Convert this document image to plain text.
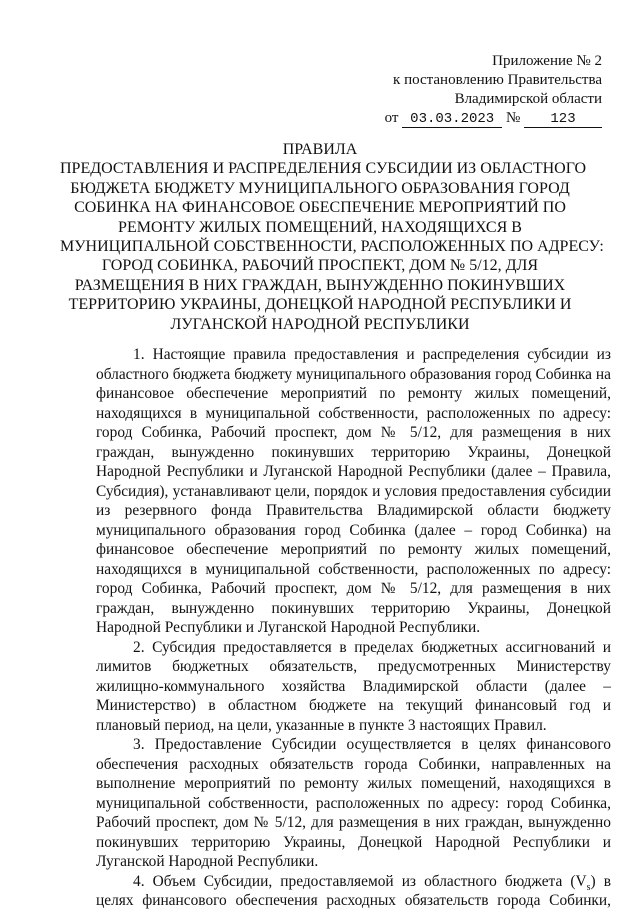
Приложение № 2
к постановлению Правительства
Владимирской области
от 03.03.2023 № 123
ПРАВИЛА
ПРЕДОСТАВЛЕНИЯ И РАСПРЕДЕЛЕНИЯ СУБСИДИИ ИЗ ОБЛАСТНОГО
БЮДЖЕТА БЮДЖЕТУ МУНИЦИПАЛЬНОГО ОБРАЗОВАНИЯ ГОРОД
СОБИНКА НА ФИНАНСОВОЕ ОБЕСПЕЧЕНИЕ МЕРОПРИЯТИЙ ПО
РЕМОНТУ ЖИЛЫХ ПОМЕЩЕНИЙ, НАХОДЯЩИХСЯ В
МУНИЦИПАЛЬНОЙ СОБСТВЕННОСТИ, РАСПОЛОЖЕННЫХ ПО АДРЕСУ:
ГОРОД СОБИНКА, РАБОЧИЙ ПРОСПЕКТ, ДОМ № 5/12, ДЛЯ
РАЗМЕЩЕНИЯ В НИХ ГРАЖДАН, ВЫНУЖДЕННО ПОКИНУВШИХ
ТЕРРИТОРИЮ УКРАИНЫ, ДОНЕЦКОЙ НАРОДНОЙ РЕСПУБЛИКИ И
ЛУГАНСКОЙ НАРОДНОЙ РЕСПУБЛИКИ

1. Настоящие правила предоставления и распределения субсидии из областного бюджета бюджету муниципального образования город Собинка на финансовое обеспечение мероприятий по ремонту жилых помещений, находящихся в муниципальной собственности, расположенных по адресу: город Собинка, Рабочий проспект, дом № 5/12, для размещения в них граждан, вынужденно покинувших территорию Украины, Донецкой Народной Республики и Луганской Народной Республики (далее – Правила, Субсидия), устанавливают цели, порядок и условия предоставления субсидии из резервного фонда Правительства Владимирской области бюджету муниципального образования город Собинка (далее – город Собинка) на финансовое обеспечение мероприятий по ремонту жилых помещений, находящихся в муниципальной собственности, расположенных по адресу: город Собинка, Рабочий проспект, дом № 5/12, для размещения в них граждан, вынужденно покинувших территорию Украины, Донецкой Народной Республики и Луганской Народной Республики.

2. Субсидия предоставляется в пределах бюджетных ассигнований и лимитов бюджетных обязательств, предусмотренных Министерству жилищно-коммунального хозяйства Владимирской области (далее – Министерство) в областном бюджете на текущий финансовый год и плановый период, на цели, указанные в пункте 3 настоящих Правил.

3. Предоставление Субсидии осуществляется в целях финансового обеспечения расходных обязательств города Собинки, направленных на выполнение мероприятий по ремонту жилых помещений, находящихся в муниципальной собственности, расположенных по адресу: город Собинка, Рабочий проспект, дом № 5/12, для размещения в них граждан, вынужденно покинувших территорию Украины, Донецкой Народной Республики и Луганской Народной Республики.

4. Объем Субсидии, предоставляемой из областного бюджета $(V_s)$ в целях финансового обеспечения расходных обязательств города Собинки,
